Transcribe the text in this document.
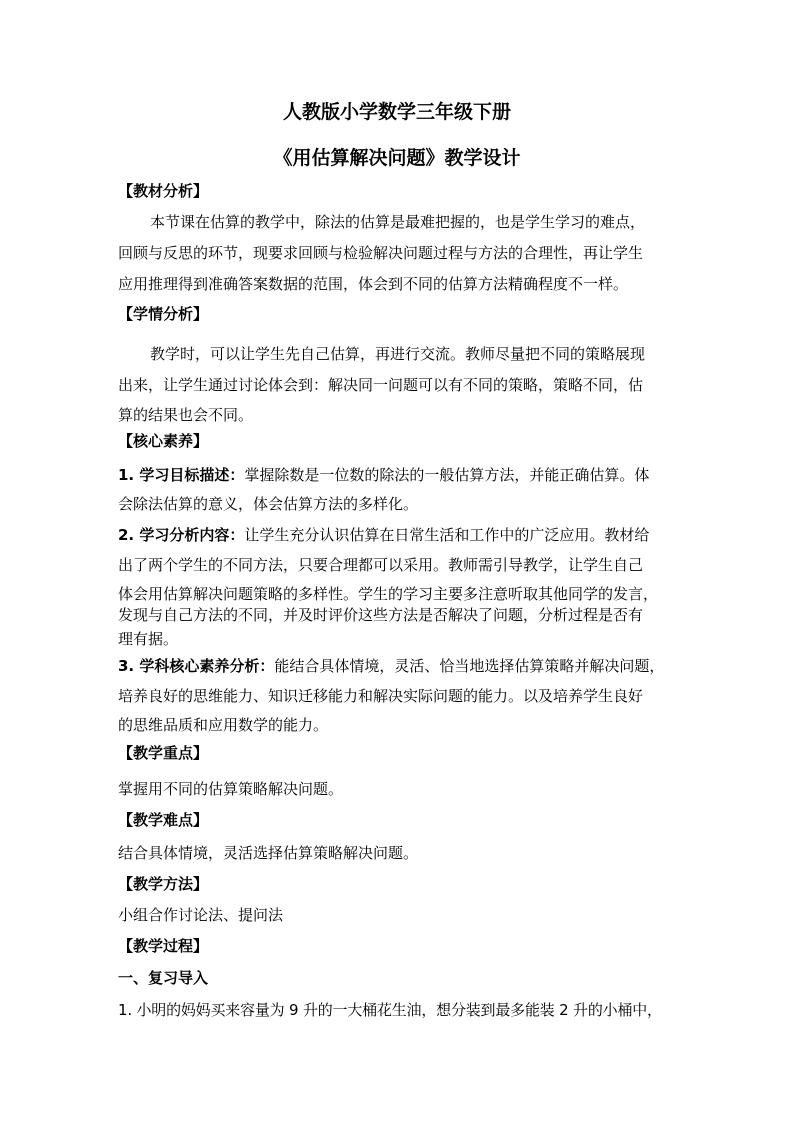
人教版小学数学三年级下册
《用估算解决问题》教学设计
【教材分析】
本节课在估算的教学中，除法的估算是最难把握的，也是学生学习的难点，
回顾与反思的环节，现要求回顾与检验解决问题过程与方法的合理性，再让学生
应用推理得到准确答案数据的范围，体会到不同的估算方法精确程度不一样。
【学情分析】
教学时，可以让学生先自己估算，再进行交流。教师尽量把不同的策略展现
出来，让学生通过讨论体会到：解决同一问题可以有不同的策略，策略不同，估
算的结果也会不同。
【核心素养】
1. 学习目标描述：掌握除数是一位数的除法的一般估算方法，并能正确估算。体
会除法估算的意义，体会估算方法的多样化。
2. 学习分析内容：让学生充分认识估算在日常生活和工作中的广泛应用。教材给
出了两个学生的不同方法，只要合理都可以采用。教师需引导教学，让学生自己
体会用估算解决问题策略的多样性。学生的学习主要多注意听取其他同学的发言，
发现与自己方法的不同，并及时评价这些方法是否解决了问题，分析过程是否有
理有据。
3. 学科核心素养分析：能结合具体情境，灵活、恰当地选择估算策略并解决问题，
培养良好的思维能力、知识迁移能力和解决实际问题的能力。以及培养学生良好
的思维品质和应用数学的能力。
【教学重点】
掌握用不同的估算策略解决问题。
【教学难点】
结合具体情境，灵活选择估算策略解决问题。
【教学方法】
小组合作讨论法、提问法
【教学过程】
一、复习导入
1. 小明的妈妈买来容量为 9 升的一大桶花生油，想分装到最多能装 2 升的小桶中，
